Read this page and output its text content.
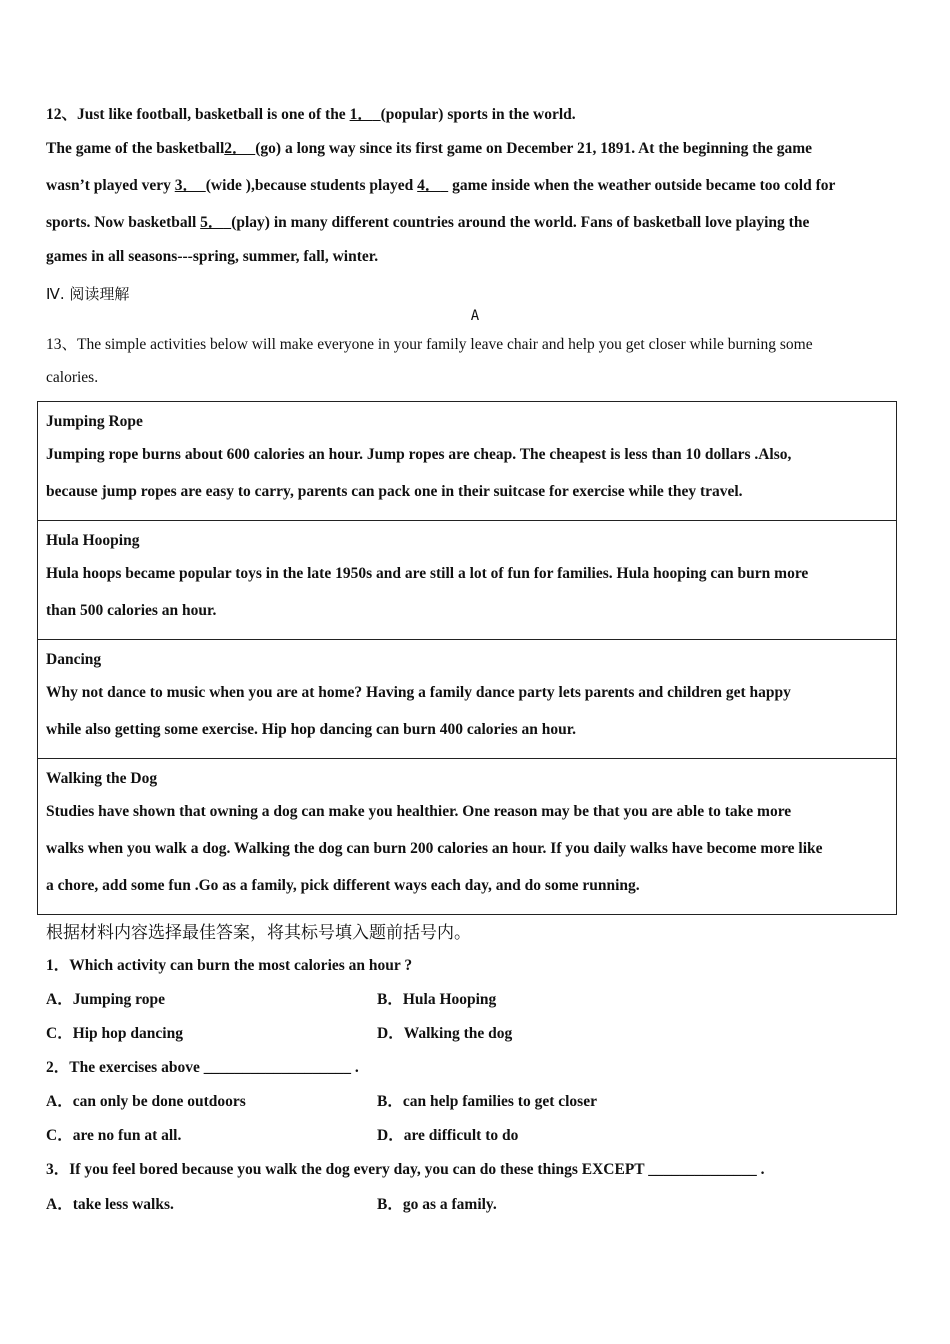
12、Just like football, basketball is one of the 1． (popular) sports in the world.
The game of the basketball2． (go) a long way since its first game on December 21, 1891. At the beginning the game
wasn’t played very 3． (wide ),because students played 4．   game inside when the weather outside became too cold for
sports. Now basketball 5． (play) in many different countries around the world. Fans of basketball love playing the
games in all seasons---spring, summer, fall, winter.
Ⅳ. 阅读理解
A
13、The simple activities below will make everyone in your family leave chair and help you get closer while burning some
calories.
Jumping Rope
Jumping rope burns about 600 calories an hour. Jump ropes are cheap. The cheapest is less than 10 dollars .Also,
because jump ropes are easy to carry, parents can pack one in their suitcase for exercise while they travel.

Hula Hooping
Hula hoops became popular toys in the late 1950s and are still a lot of fun for families. Hula hooping can burn more
than 500 calories an hour.

Dancing
Why not dance to music when you are at home? Having a family dance party lets parents and children get happy
while also getting some exercise. Hip hop dancing can burn 400 calories an hour.

Walking the Dog
Studies have shown that owning a dog can make you healthier. One reason may be that you are able to take more
walks when you walk a dog. Walking the dog can burn 200 calories an hour. If you daily walks have become more like
a chore, add some fun .Go as a family, pick different ways each day, and do some running.
根据材料内容选择最佳答案，将其标号填入题前括号内。
1．Which activity can burn the most calories an hour ?
A．Jumping rope	B．Hula Hooping
C．Hip hop dancing	D．Walking the dog
2．The exercises above ___________________ .
A．can only be done outdoors	B．can help families to get closer
C．are no fun at all.	D．are difficult to do
3．If you feel bored because you walk the dog every day, you can do these things EXCEPT ______________ .
A．take less walks.	B．go as a family.
